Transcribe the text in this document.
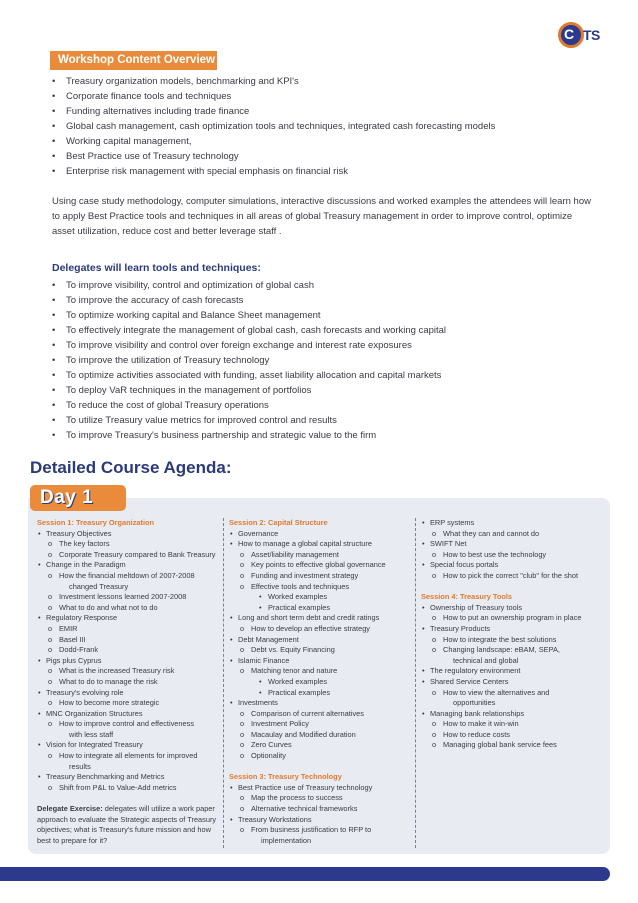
C TS
Workshop Content Overview
• Treasury organization models, benchmarking and KPI's
• Corporate finance tools and techniques
• Funding alternatives including trade finance
• Global cash management, cash optimization tools and techniques, integrated cash forecasting models
• Working capital management,
• Best Practice use of Treasury technology
• Enterprise risk management with special emphasis on financial risk
Using case study methodology, computer simulations, interactive discussions and worked examples the attendees will learn how to apply Best Practice tools and techniques in all areas of global Treasury management in order to improve control, optimize asset utilization, reduce cost and better leverage staff .
Delegates will learn tools and techniques:
• To improve visibility, control and optimization of global cash
• To improve the accuracy of cash forecasts
• To optimize working capital and Balance Sheet management
• To effectively integrate the management of global cash, cash forecasts and working capital
• To improve visibility and control over foreign exchange and interest rate exposures
• To improve the utilization of Treasury technology
• To optimize activities associated with funding, asset liability allocation and capital markets
• To deploy VaR techniques in the management of portfolios
• To reduce the cost of global Treasury operations
• To utilize Treasury value metrics for improved control and results
• To improve Treasury's business partnership and strategic value to the firm
Detailed Course Agenda:
Day 1
Session 1: Treasury Organization
• Treasury Objectives
o The key factors
o Corporate Treasury compared to Bank Treasury
• Change in the Paradigm
o How the financial meltdown of 2007-2008
changed Treasury
o Investment lessons learned 2007-2008
o What to do and what not to do
• Regulatory Response
o EMIR
o Basel III
o Dodd-Frank
• Pigs plus Cyprus
o What is the increased Treasury risk
o What to do to manage the risk
• Treasury's evolving role
o How to become more strategic
• MNC Organization Structures
o How to improve control and effectiveness
with less staff
• Vision for Integrated Treasury
o How to integrate all elements for improved
results
• Treasury Benchmarking and Metrics
o Shift from P&L to Value-Add metrics
Delegate Exercise: delegates will utilize a work paper approach to evaluate the Strategic aspects of Treasury objectives; what is Treasury's future mission and how best to prepare for it?
Session 2: Capital Structure
• Governance
• How to manage a global capital structure
o Asset/liability management
o Key points to effective global governance
o Funding and investment strategy
o Effective tools and techniques
• Worked examples
• Practical examples
• Long and short term debt and credit ratings
o How to develop an effective strategy
• Debt Management
o Debt vs. Equity Financing
• Islamic Finance
o Matching tenor and nature
• Worked examples
• Practical examples
• Investments
o Comparison of current alternatives
o Investment Policy
o Macaulay and Modified duration
o Zero Curves
o Optionality
Session 3: Treasury Technology
• Best Practice use of Treasury technology
o Map the process to success
o Alternative technical frameworks
• Treasury Workstations
o From business justification to RFP to
implementation
• ERP systems
o What they can and cannot do
• SWIFT Net
o How to best use the technology
• Special focus portals
o How to pick the correct "club" for the shot
Session 4: Treasury Tools
• Ownership of Treasury tools
o How to put an ownership program in place
• Treasury Products
o How to integrate the best solutions
o Changing landscape: eBAM, SEPA,
technical and global
• The regulatory environment
• Shared Service Centers
o How to view the alternatives and
opportunities
• Managing bank relationships
o How to make it win-win
o How to reduce costs
o Managing global bank service fees
